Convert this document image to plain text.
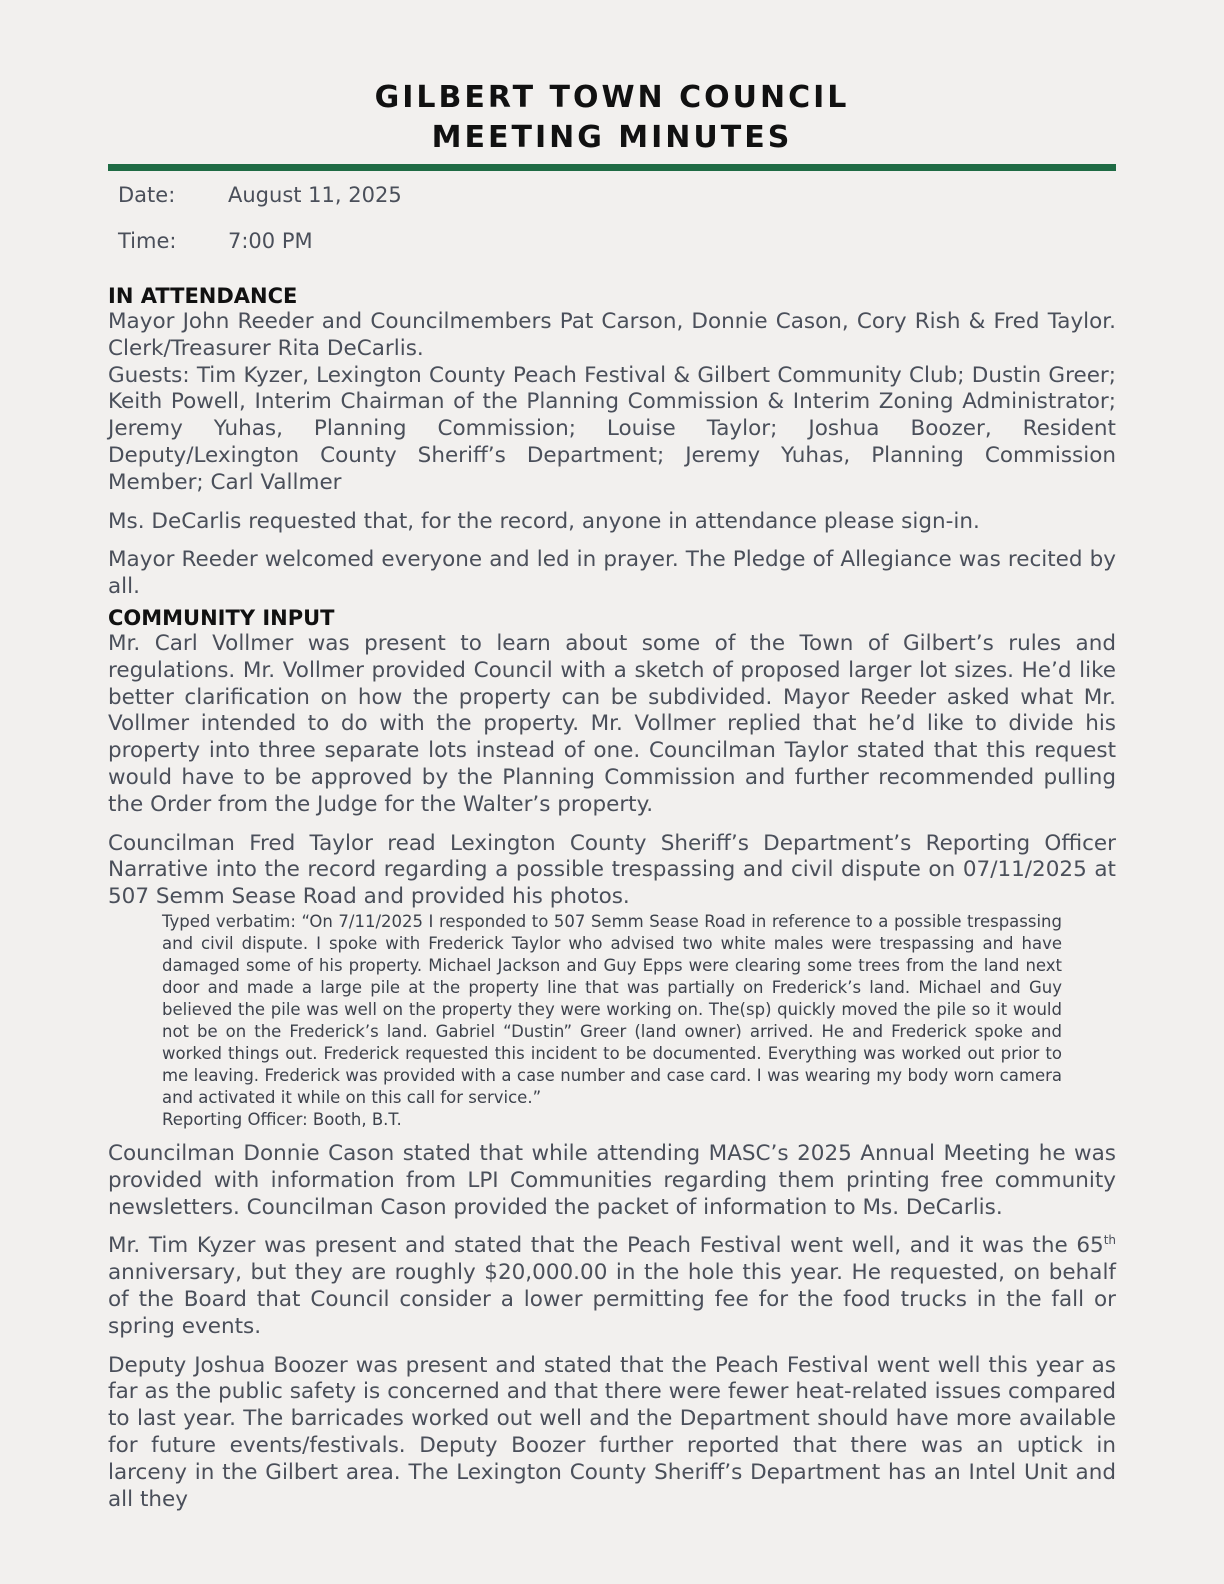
GILBERT TOWN COUNCIL
MEETING MINUTES
Date:	August 11, 2025
Time:	7:00 PM
IN ATTENDANCE

Mayor John Reeder and Councilmembers Pat Carson, Donnie Cason, Cory Rish & Fred Taylor. Clerk/Treasurer Rita DeCarlis.

Guests: Tim Kyzer, Lexington County Peach Festival & Gilbert Community Club; Dustin Greer; Keith Powell, Interim Chairman of the Planning Commission & Interim Zoning Administrator; Jeremy Yuhas, Planning Commission; Louise Taylor; Joshua Boozer, Resident Deputy/Lexington County Sheriff’s Department; Jeremy Yuhas, Planning Commission Member; Carl Vallmer

Ms. DeCarlis requested that, for the record, anyone in attendance please sign-in.

Mayor Reeder welcomed everyone and led in prayer. The Pledge of Allegiance was recited by all.

COMMUNITY INPUT

Mr. Carl Vollmer was present to learn about some of the Town of Gilbert’s rules and regulations. Mr. Vollmer provided Council with a sketch of proposed larger lot sizes. He’d like better clarification on how the property can be subdivided. Mayor Reeder asked what Mr. Vollmer intended to do with the property. Mr. Vollmer replied that he’d like to divide his property into three separate lots instead of one. Councilman Taylor stated that this request would have to be approved by the Planning Commission and further recommended pulling the Order from the Judge for the Walter’s property.

Councilman Fred Taylor read Lexington County Sheriff’s Department’s Reporting Officer Narrative into the record regarding a possible trespassing and civil dispute on 07/11/2025 at 507 Semm Sease Road and provided his photos.

Typed verbatim: “On 7/11/2025 I responded to 507 Semm Sease Road in reference to a possible trespassing and civil dispute. I spoke with Frederick Taylor who advised two white males were trespassing and have damaged some of his property. Michael Jackson and Guy Epps were clearing some trees from the land next door and made a large pile at the property line that was partially on Frederick’s land. Michael and Guy believed the pile was well on the property they were working on. The(sp) quickly moved the pile so it would not be on the Frederick’s land. Gabriel “Dustin” Greer (land owner) arrived. He and Frederick spoke and worked things out. Frederick requested this incident to be documented. Everything was worked out prior to me leaving. Frederick was provided with a case number and case card. I was wearing my body worn camera and activated it while on this call for service.”

Reporting Officer: Booth, B.T.

Councilman Donnie Cason stated that while attending MASC’s 2025 Annual Meeting he was provided with information from LPI Communities regarding them printing free community newsletters. Councilman Cason provided the packet of information to Ms. DeCarlis.

Mr. Tim Kyzer was present and stated that the Peach Festival went well, and it was the 65th anniversary, but they are roughly $20,000.00 in the hole this year. He requested, on behalf of the Board that Council consider a lower permitting fee for the food trucks in the fall or spring events.

Deputy Joshua Boozer was present and stated that the Peach Festival went well this year as far as the public safety is concerned and that there were fewer heat-related issues compared to last year. The barricades worked out well and the Department should have more available for future events/festivals. Deputy Boozer further reported that there was an uptick in larceny in the Gilbert area. The Lexington County Sheriff’s Department has an Intel Unit and all they
